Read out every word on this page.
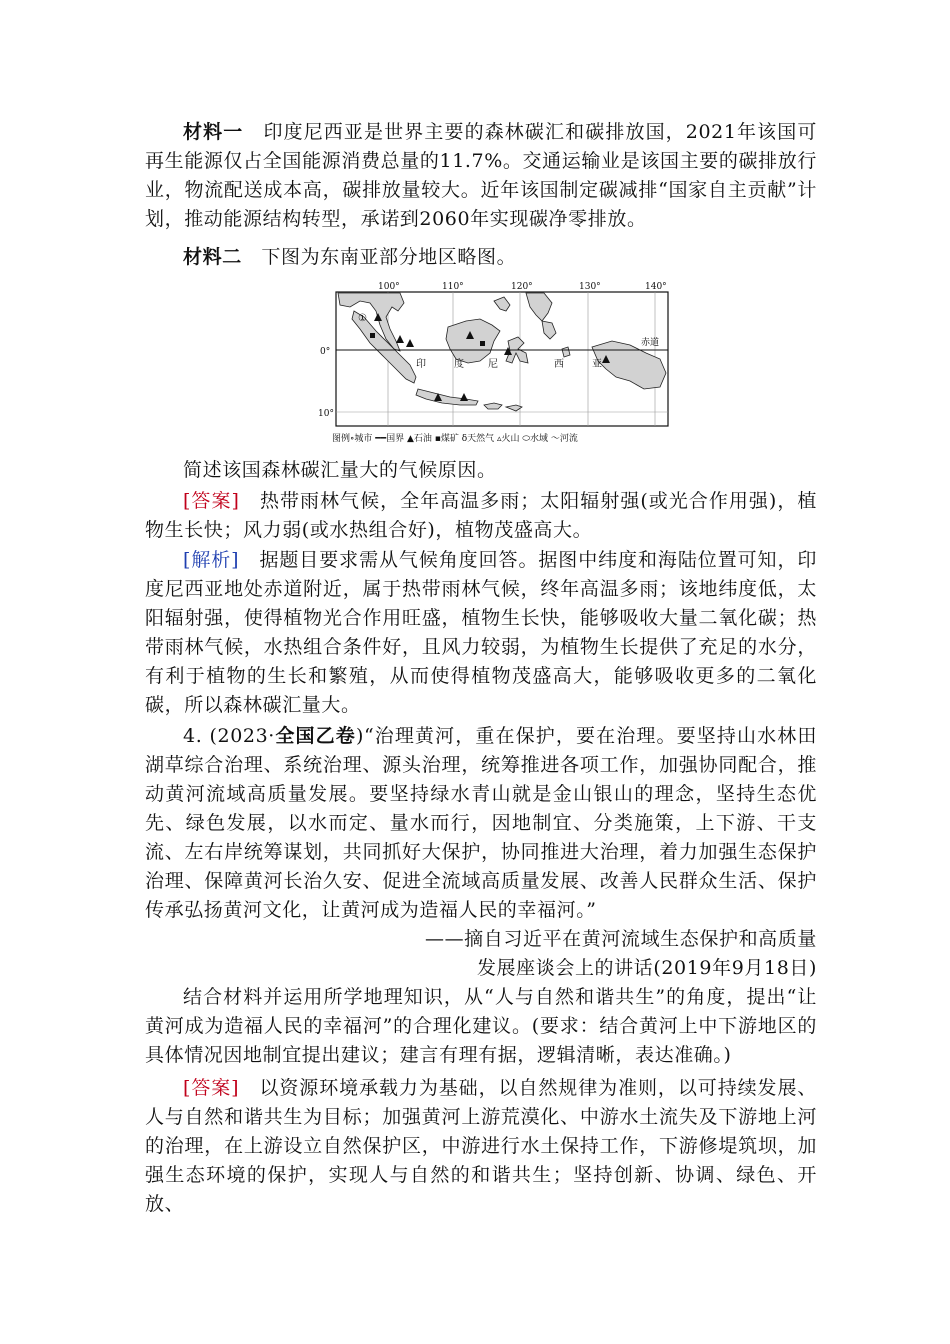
材料一　 印度尼西亚是世界主要的森林碳汇和碳排放国，2021年该国可再生能源仅占全国能源消费总量的11.7%。交通运输业是该国主要的碳排放行业，物流配送成本高，碳排放量较大。近年该国制定碳减排“国家自主贡献”计划，推动能源结构转型，承诺到2060年实现碳净零排放。

材料二　 下图为东南亚部分地区略图。

100°	110°	120°	130°	140°
0°
10°
赤道
①
印	度 尼	西	亚
图例∘城市 ━━国界 ▲石油 ▪煤矿 δ天然气 ▵火山 ⬭水域 ～河流

简述该国森林碳汇量大的气候原因。

[答案]　 热带雨林气候，全年高温多雨；太阳辐射强(或光合作用强)，植物生长快；风力弱(或水热组合好)，植物茂盛高大。

[解析]　 据题目要求需从气候角度回答。据图中纬度和海陆位置可知，印度尼西亚地处赤道附近，属于热带雨林气候，终年高温多雨；该地纬度低，太阳辐射强，使得植物光合作用旺盛，植物生长快，能够吸收大量二氧化碳；热带雨林气候，水热组合条件好，且风力较弱，为植物生长提供了充足的水分，有利于植物的生长和繁殖，从而使得植物茂盛高大，能够吸收更多的二氧化碳，所以森林碳汇量大。

4. (2023·全国乙卷)“治理黄河，重在保护，要在治理。要坚持山水林田湖草综合治理、系统治理、源头治理，统筹推进各项工作，加强协同配合，推动黄河流域高质量发展。要坚持绿水青山就是金山银山的理念，坚持生态优先、绿色发展，以水而定、量水而行，因地制宜、分类施策，上下游、干支流、左右岸统筹谋划，共同抓好大保护，协同推进大治理，着力加强生态保护治理、保障黄河长治久安、促进全流域高质量发展、改善人民群众生活、保护传承弘扬黄河文化，让黄河成为造福人民的幸福河。”

——摘自习近平在黄河流域生态保护和高质量

发展座谈会上的讲话(2019年9月18日)

结合材料并运用所学地理知识，从“人与自然和谐共生”的角度，提出“让黄河成为造福人民的幸福河”的合理化建议。(要求：结合黄河上中下游地区的具体情况因地制宜提出建议；建言有理有据，逻辑清晰，表达准确。)

[答案]　 以资源环境承载力为基础，以自然规律为准则，以可持续发展、人与自然和谐共生为目标；加强黄河上游荒漠化、中游水土流失及下游地上河的治理，在上游设立自然保护区，中游进行水土保持工作，下游修堤筑坝，加强生态环境的保护，实现人与自然的和谐共生；坚持创新、协调、绿色、开放、
